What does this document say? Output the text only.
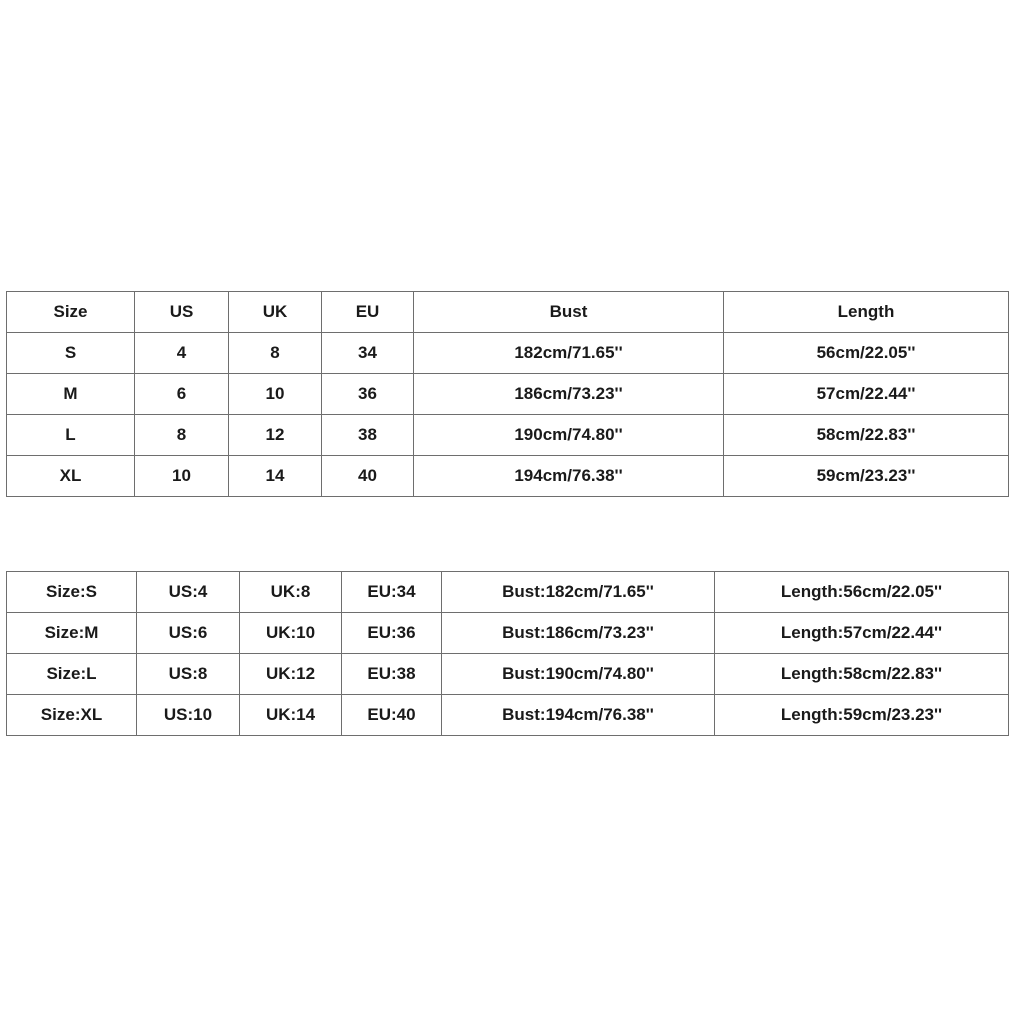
Size	US	UK	EU	Bust	Length
S	4	8	34	182cm/71.65''	56cm/22.05''
M	6	10	36	186cm/73.23''	57cm/22.44''
L	8	12	38	190cm/74.80''	58cm/22.83''
XL	10	14	40	194cm/76.38''	59cm/23.23''
Size:S	US:4	UK:8	EU:34	Bust:182cm/71.65''	Length:56cm/22.05''
Size:M	US:6	UK:10	EU:36	Bust:186cm/73.23''	Length:57cm/22.44''
Size:L	US:8	UK:12	EU:38	Bust:190cm/74.80''	Length:58cm/22.83''
Size:XL	US:10	UK:14	EU:40	Bust:194cm/76.38''	Length:59cm/23.23''
